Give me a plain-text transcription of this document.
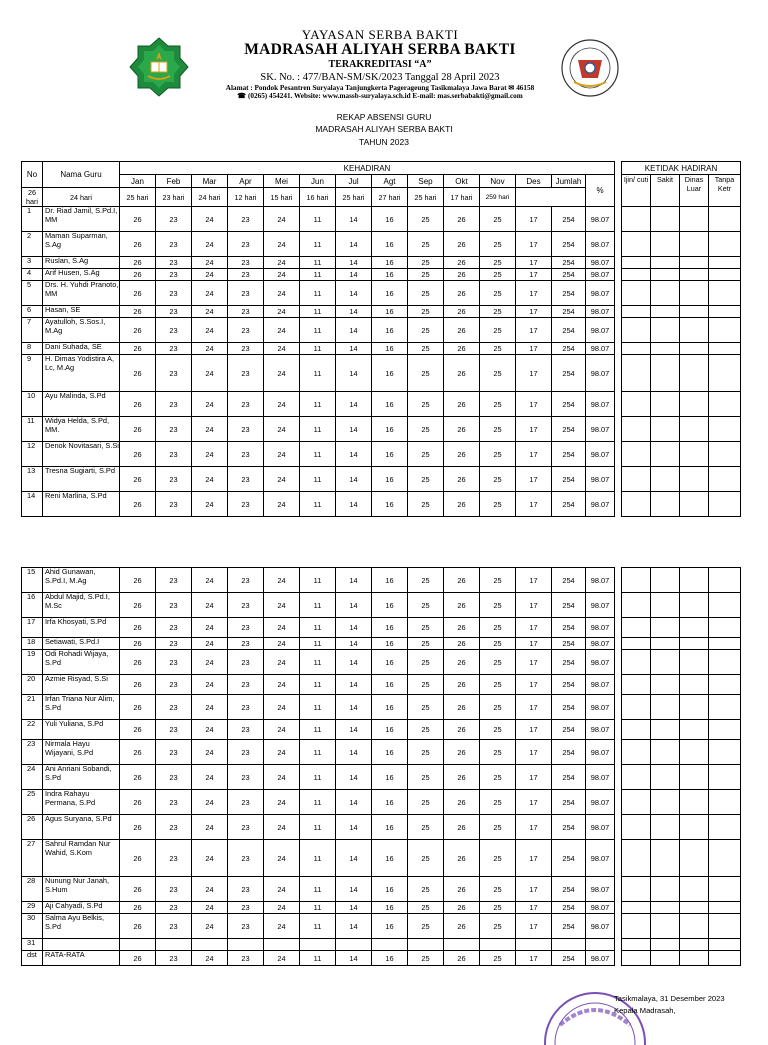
YAYASAN SERBA BAKTI
MADRASAH ALIYAH SERBA BAKTI
TERAKREDITASI “A”
SK. No. : 477/BAN-SM/SK/2023 Tanggal 28 April 2023
Alamat : Pondok Pesantren Suryalaya Tanjungkerta Pagerageung Tasikmalaya Jawa Barat ✉ 46158
☎ (0265) 454241. Website: www.massb-suryalaya.sch.id E-mail: mas.serbabakti@gmail.com
REKAP ABSENSI GURU
MADRASAH ALIYAH SERBA BAKTI
TAHUN 2023
No	Nama Guru	KEHADIRAN															KETIDAK HADIRAN			
		Jan	Feb	Mar	Apr	Mei	Jun	Jul	Agt	Sep	Okt	Nov	Des	Jumlah	%		Ijin/ cuti	Sakit	Dinas Luar	Tanpa Ketr
26 hari	24 hari	25 hari	23 hari	24 hari	12 hari	15 hari	16 hari	25 hari	27 hari	25 hari	17 hari	259 hari								
1	Dr. Riad Jamil, S.Pd.I, MM	26	23	24	23	24	11	14	16	25	26	25	17	254	98.07					
2	Maman Suparman, S.Ag	26	23	24	23	24	11	14	16	25	26	25	17	254	98.07					
3	Ruslan, S.Ag	26	23	24	23	24	11	14	16	25	26	25	17	254	98.07					
4	Arif Husen, S.Ag	26	23	24	23	24	11	14	16	25	26	25	17	254	98.07					
5	Drs. H. Yuhdi Pranoto, MM	26	23	24	23	24	11	14	16	25	26	25	17	254	98.07					
6	Hasan, SE	26	23	24	23	24	11	14	16	25	26	25	17	254	98.07					
7	Ayatulloh, S.Sos.I, M.Ag	26	23	24	23	24	11	14	16	25	26	25	17	254	98.07					
8	Dani Suhada, SE	26	23	24	23	24	11	14	16	25	26	25	17	254	98.07					
9	H. Dimas Yodistira A, Lc, M.Ag	26	23	24	23	24	11	14	16	25	26	25	17	254	98.07					
10	Ayu Malinda, S.Pd	26	23	24	23	24	11	14	16	25	26	25	17	254	98.07					
11	Widya Helda, S.Pd, MM.	26	23	24	23	24	11	14	16	25	26	25	17	254	98.07					
12	Denok Novitasari, S.Si	26	23	24	23	24	11	14	16	25	26	25	17	254	98.07					
13	Tresna Sugiarti, S.Pd	26	23	24	23	24	11	14	16	25	26	25	17	254	98.07					
14	Reni Marlina, S.Pd	26	23	24	23	24	11	14	16	25	26	25	17	254	98.07					
15	Ahid Gunawan, S.Pd.I, M.Ag	26	23	24	23	24	11	14	16	25	26	25	17	254	98.07					
16	Abdul Majid, S.Pd.I, M.Sc	26	23	24	23	24	11	14	16	25	26	25	17	254	98.07					
17	Irfa Khosyati, S.Pd	26	23	24	23	24	11	14	16	25	26	25	17	254	98.07					
18	Setiawati, S.Pd.I	26	23	24	23	24	11	14	16	25	26	25	17	254	98.07					
19	Odi Rohadi Wijaya, S.Pd	26	23	24	23	24	11	14	16	25	26	25	17	254	98.07					
20	Azmie Risyad, S.Si	26	23	24	23	24	11	14	16	25	26	25	17	254	98.07					
21	Irfan Triana Nur Alim, S.Pd	26	23	24	23	24	11	14	16	25	26	25	17	254	98.07					
22	Yuli Yuliana, S.Pd	26	23	24	23	24	11	14	16	25	26	25	17	254	98.07					
23	Nirmala Hayu Wijayani, S.Pd	26	23	24	23	24	11	14	16	25	26	25	17	254	98.07					
24	Ani Anriani Sobandi, S.Pd	26	23	24	23	24	11	14	16	25	26	25	17	254	98.07					
25	Indra Rahayu Permana, S.Pd	26	23	24	23	24	11	14	16	25	26	25	17	254	98.07					
26	Agus Suryana, S.Pd	26	23	24	23	24	11	14	16	25	26	25	17	254	98.07					
27	Sahrul Ramdan Nur Wahid, S.Kom	26	23	24	23	24	11	14	16	25	26	25	17	254	98.07					
28	Nunung Nur Janah, S.Hum	26	23	24	23	24	11	14	16	25	26	25	17	254	98.07					
29	Aji Cahyadi, S.Pd	26	23	24	23	24	11	14	16	25	26	25	17	254	98.07					
30	Salma Ayu Belkis, S.Pd	26	23	24	23	24	11	14	16	25	26	25	17	254	98.07					
31																				
dst	RATA-RATA	26	23	24	23	24	11	14	16	25	26	25	17	254	98.07					
Tasikmalaya, 31 Desember 2023
Kepala Madrasah,
